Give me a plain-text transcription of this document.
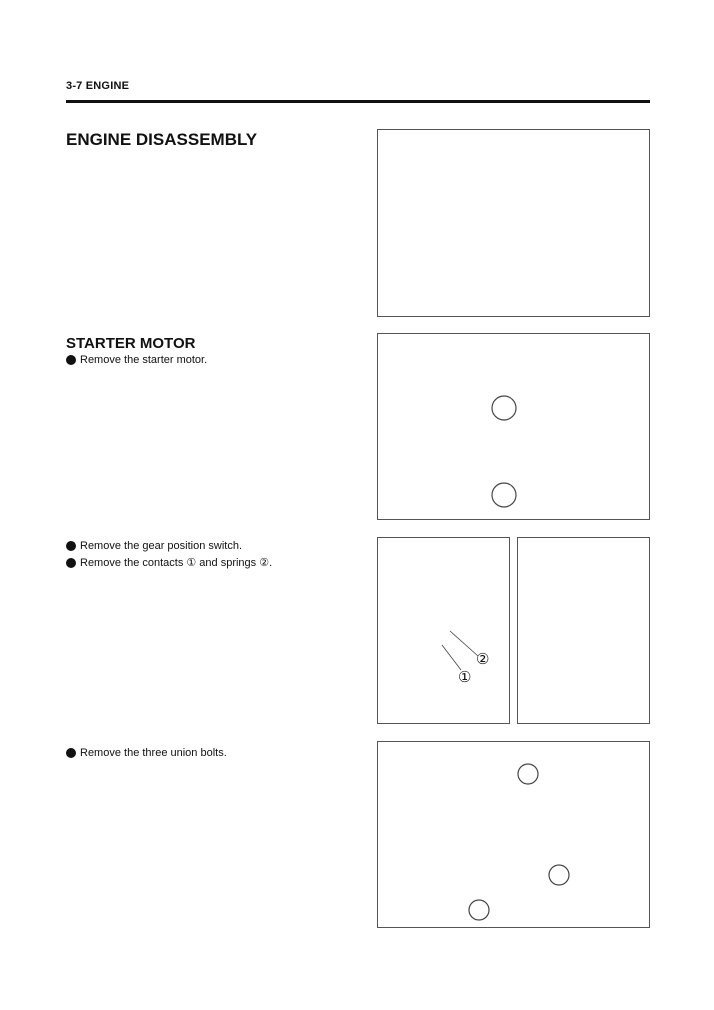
3-7 ENGINE
ENGINE DISASSEMBLY
STARTER MOTOR
Remove the starter motor.
Remove the gear position switch.
Remove the contacts ① and springs ②.
Remove the three union bolts.
②
①
